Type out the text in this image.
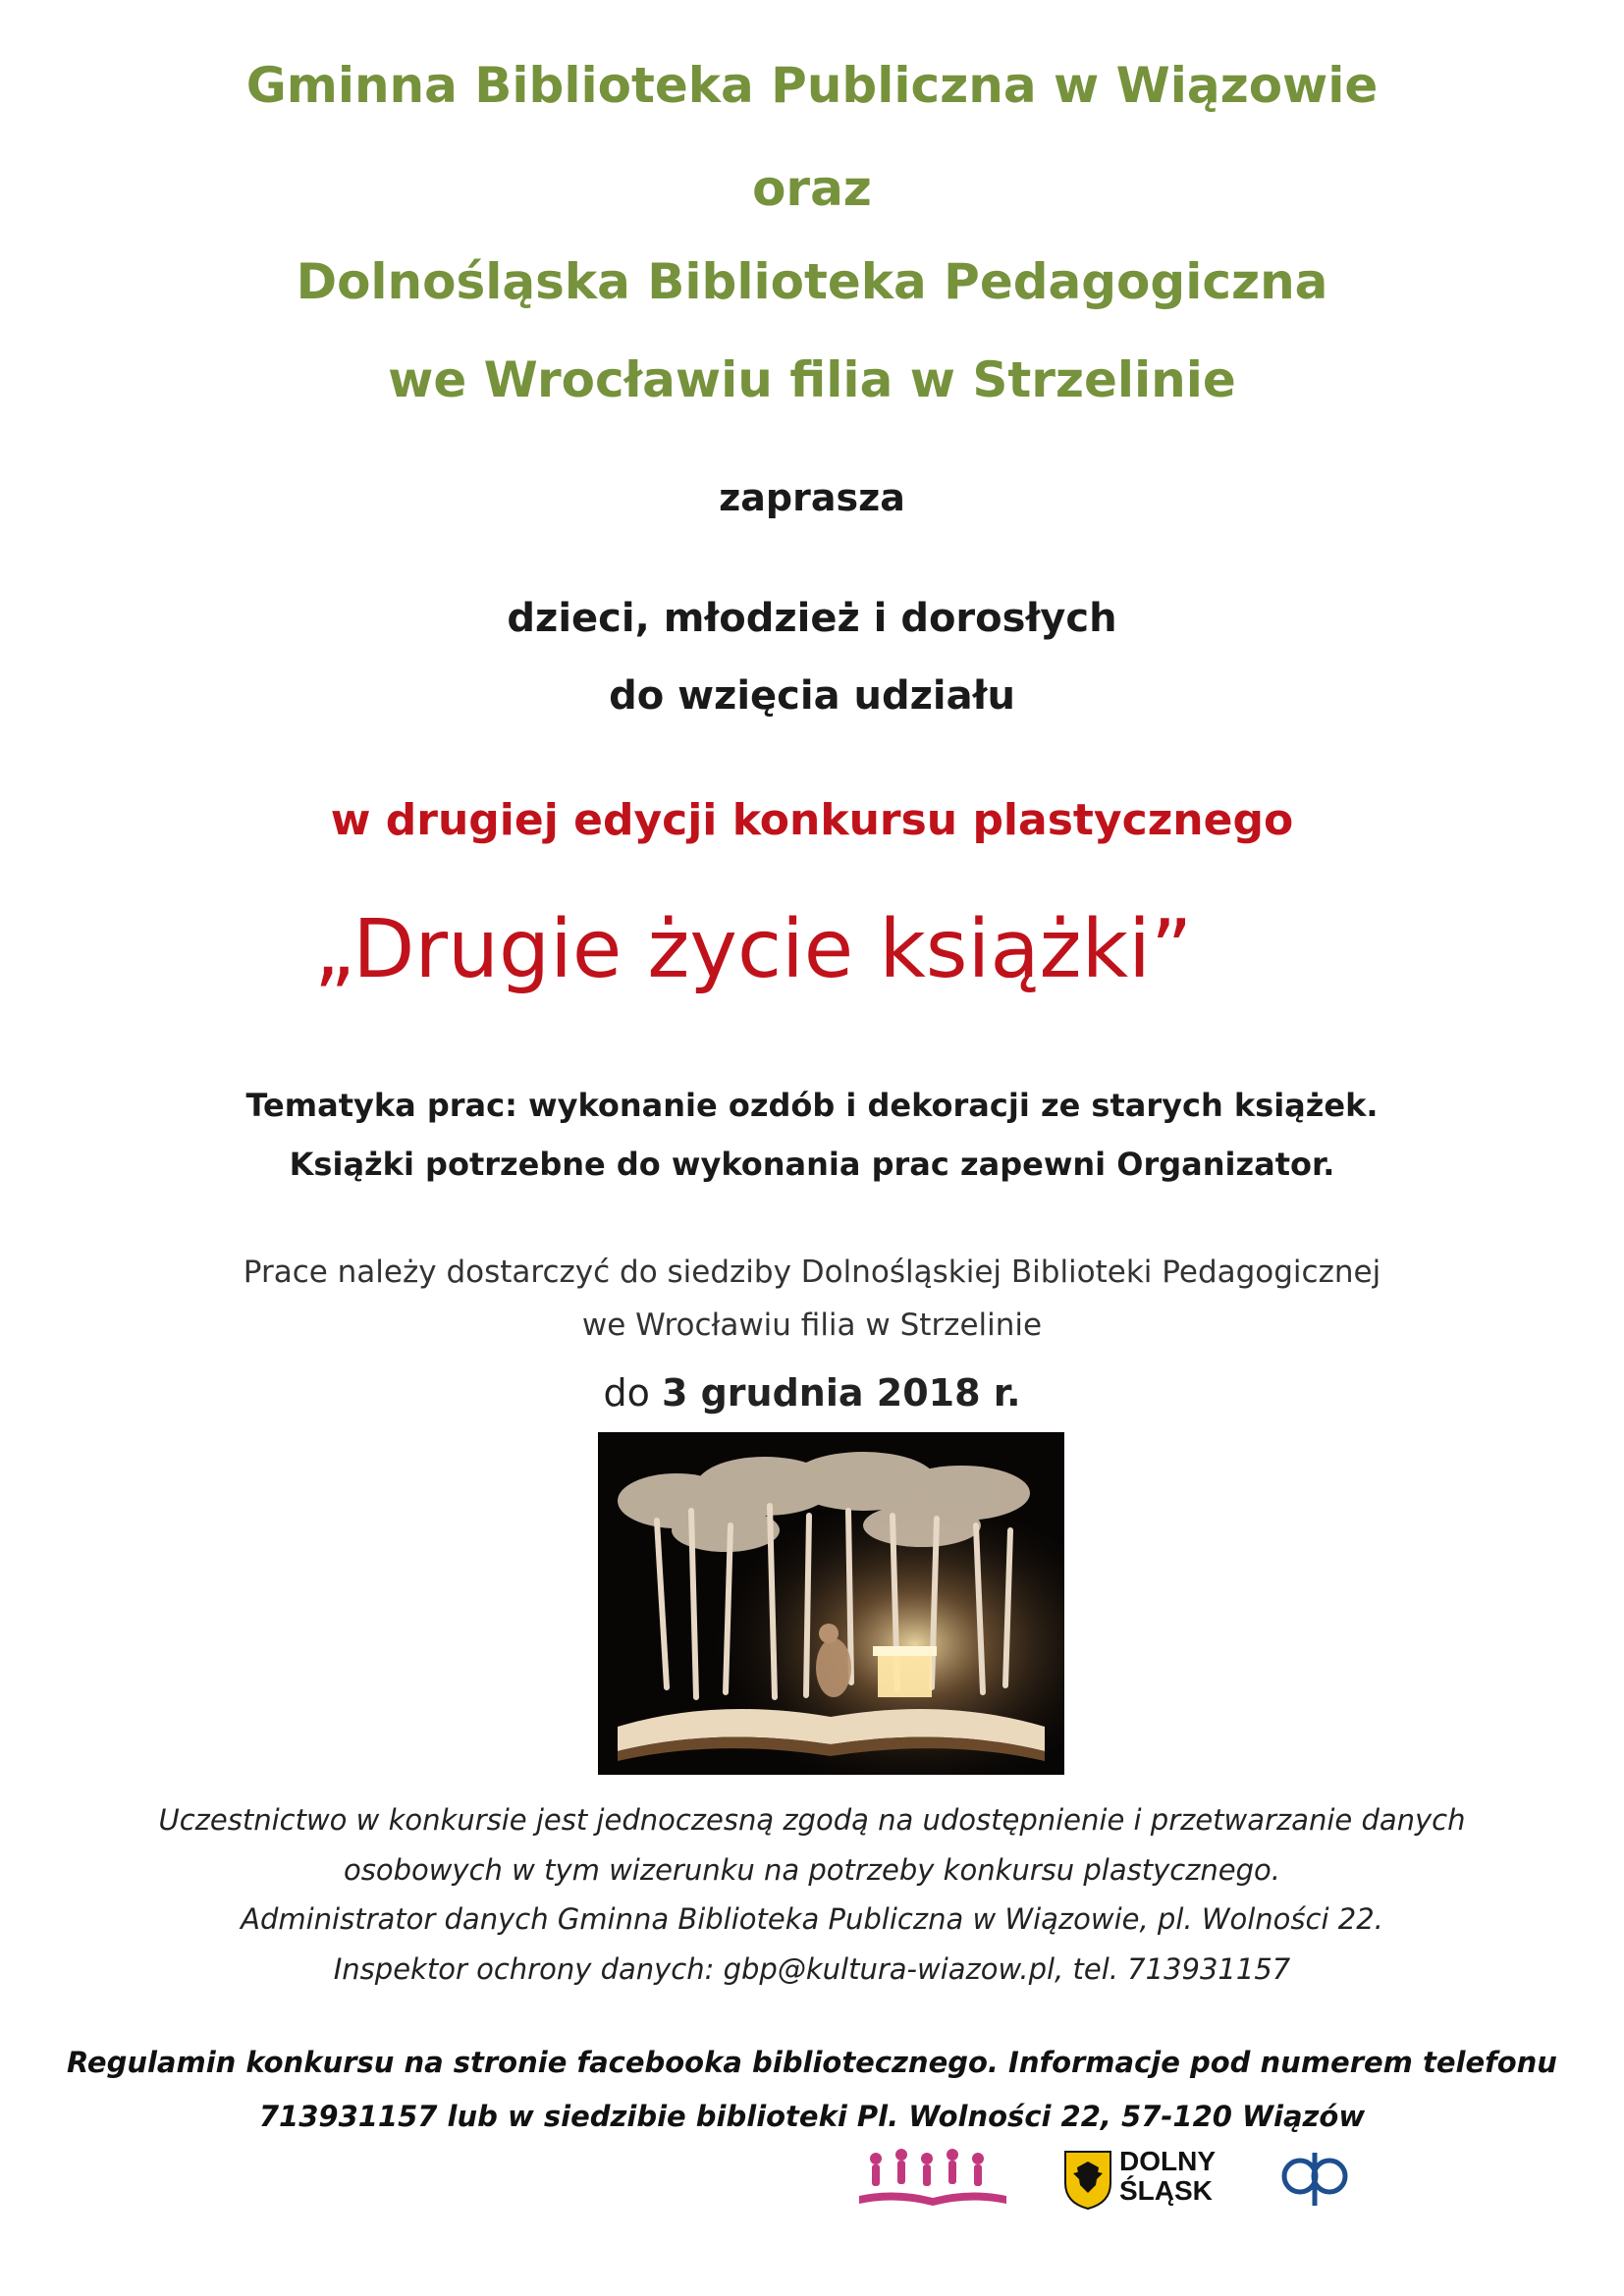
Gminna Biblioteka Publiczna w Wiązowie
oraz
Dolnośląska Biblioteka Pedagogiczna
we Wrocławiu filia w Strzelinie
zaprasza
dzieci, młodzież i dorosłych
do wzięcia udziału
w drugiej edycji konkursu plastycznego
„Drugie życie książki”
Tematyka prac: wykonanie ozdób i dekoracji ze starych książek.
Książki potrzebne do wykonania prac zapewni Organizator.
Prace należy dostarczyć do siedziby Dolnośląskiej Biblioteki Pedagogicznej
we Wrocławiu filia w Strzelinie
do 3 grudnia 2018 r.
Uczestnictwo w konkursie jest jednoczesną zgodą na udostępnienie i przetwarzanie danych
osobowych w tym wizerunku na potrzeby konkursu plastycznego.
Administrator danych Gminna Biblioteka Publiczna w Wiązowie, pl. Wolności 22.
Inspektor ochrony danych: gbp@kultura-wiazow.pl, tel. 713931157
Regulamin konkursu na stronie facebooka bibliotecznego. Informacje pod numerem telefonu
713931157 lub w siedzibie biblioteki Pl. Wolności 22, 57-120 Wiązów
DOLNY
ŚLĄSK
